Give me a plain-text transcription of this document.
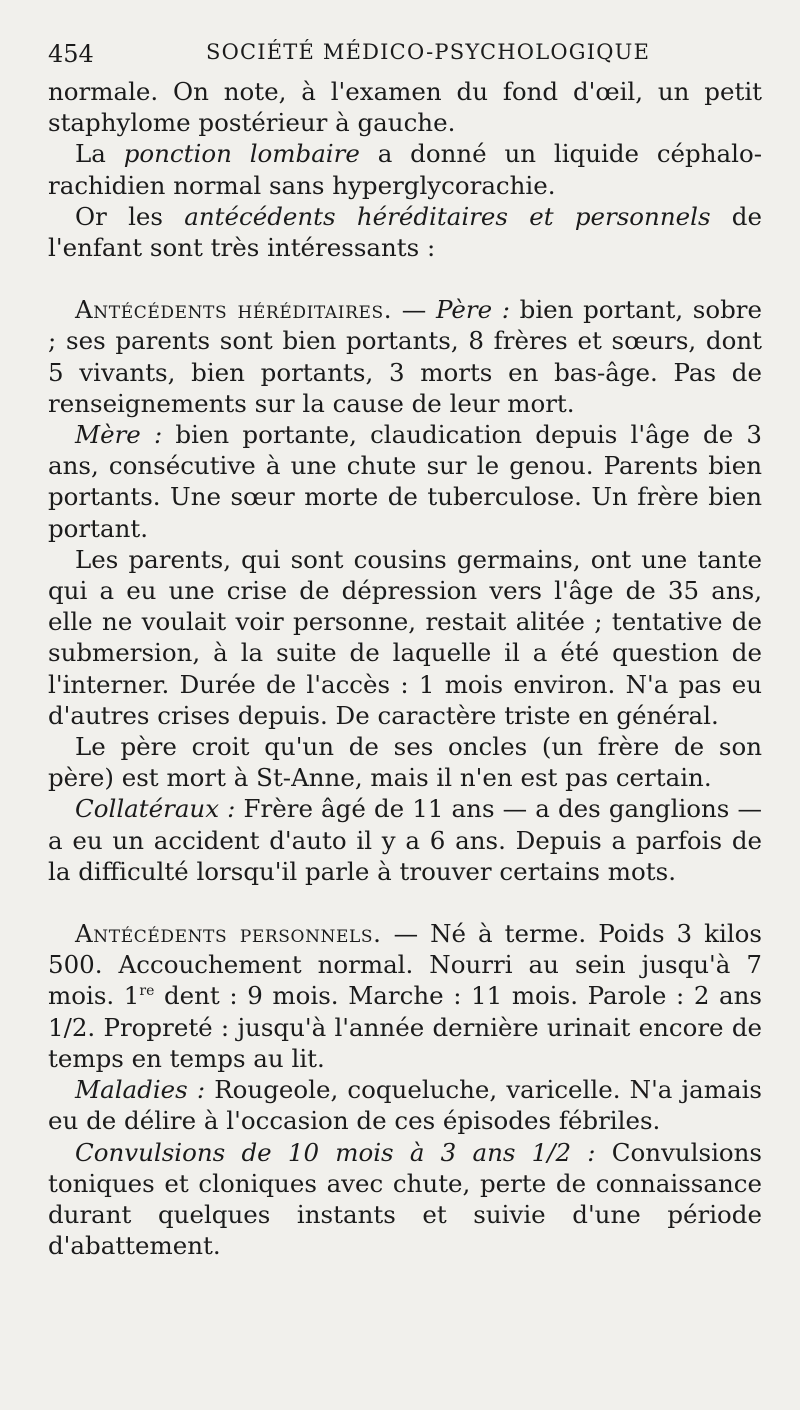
454	SOCIÉTÉ MÉDICO-PSYCHOLOGIQUE

normale. On note, à l'examen du fond d'œil, un petit staphylome postérieur à gauche.

La ponction lombaire a donné un liquide céphalo-rachidien normal sans hyperglycorachie.

Or les antécédents héréditaires et personnels de l'enfant sont très intéressants :

Antécédents héréditaires. — Père : bien portant, sobre ; ses parents sont bien portants, 8 frères et sœurs, dont 5 vivants, bien portants, 3 morts en bas-âge. Pas de renseignements sur la cause de leur mort.

Mère : bien portante, claudication depuis l'âge de 3 ans, consécutive à une chute sur le genou. Parents bien portants. Une sœur morte de tuberculose. Un frère bien portant.

Les parents, qui sont cousins germains, ont une tante qui a eu une crise de dépression vers l'âge de 35 ans, elle ne voulait voir personne, restait alitée ; tentative de submersion, à la suite de laquelle il a été question de l'interner. Durée de l'accès : 1 mois environ. N'a pas eu d'autres crises depuis. De caractère triste en général.

Le père croit qu'un de ses oncles (un frère de son père) est mort à St-Anne, mais il n'en est pas certain.

Collatéraux : Frère âgé de 11 ans — a des ganglions — a eu un accident d'auto il y a 6 ans. Depuis a parfois de la difficulté lorsqu'il parle à trouver certains mots.

Antécédents personnels. — Né à terme. Poids 3 kilos 500. Accouchement normal. Nourri au sein jusqu'à 7 mois. 1re dent : 9 mois. Marche : 11 mois. Parole : 2 ans 1/2. Propreté : jusqu'à l'année dernière urinait encore de temps en temps au lit.

Maladies : Rougeole, coqueluche, varicelle. N'a jamais eu de délire à l'occasion de ces épisodes fébriles.

Convulsions de 10 mois à 3 ans 1/2 : Convulsions toniques et cloniques avec chute, perte de connaissance durant quelques instants et suivie d'une période d'abattement.
